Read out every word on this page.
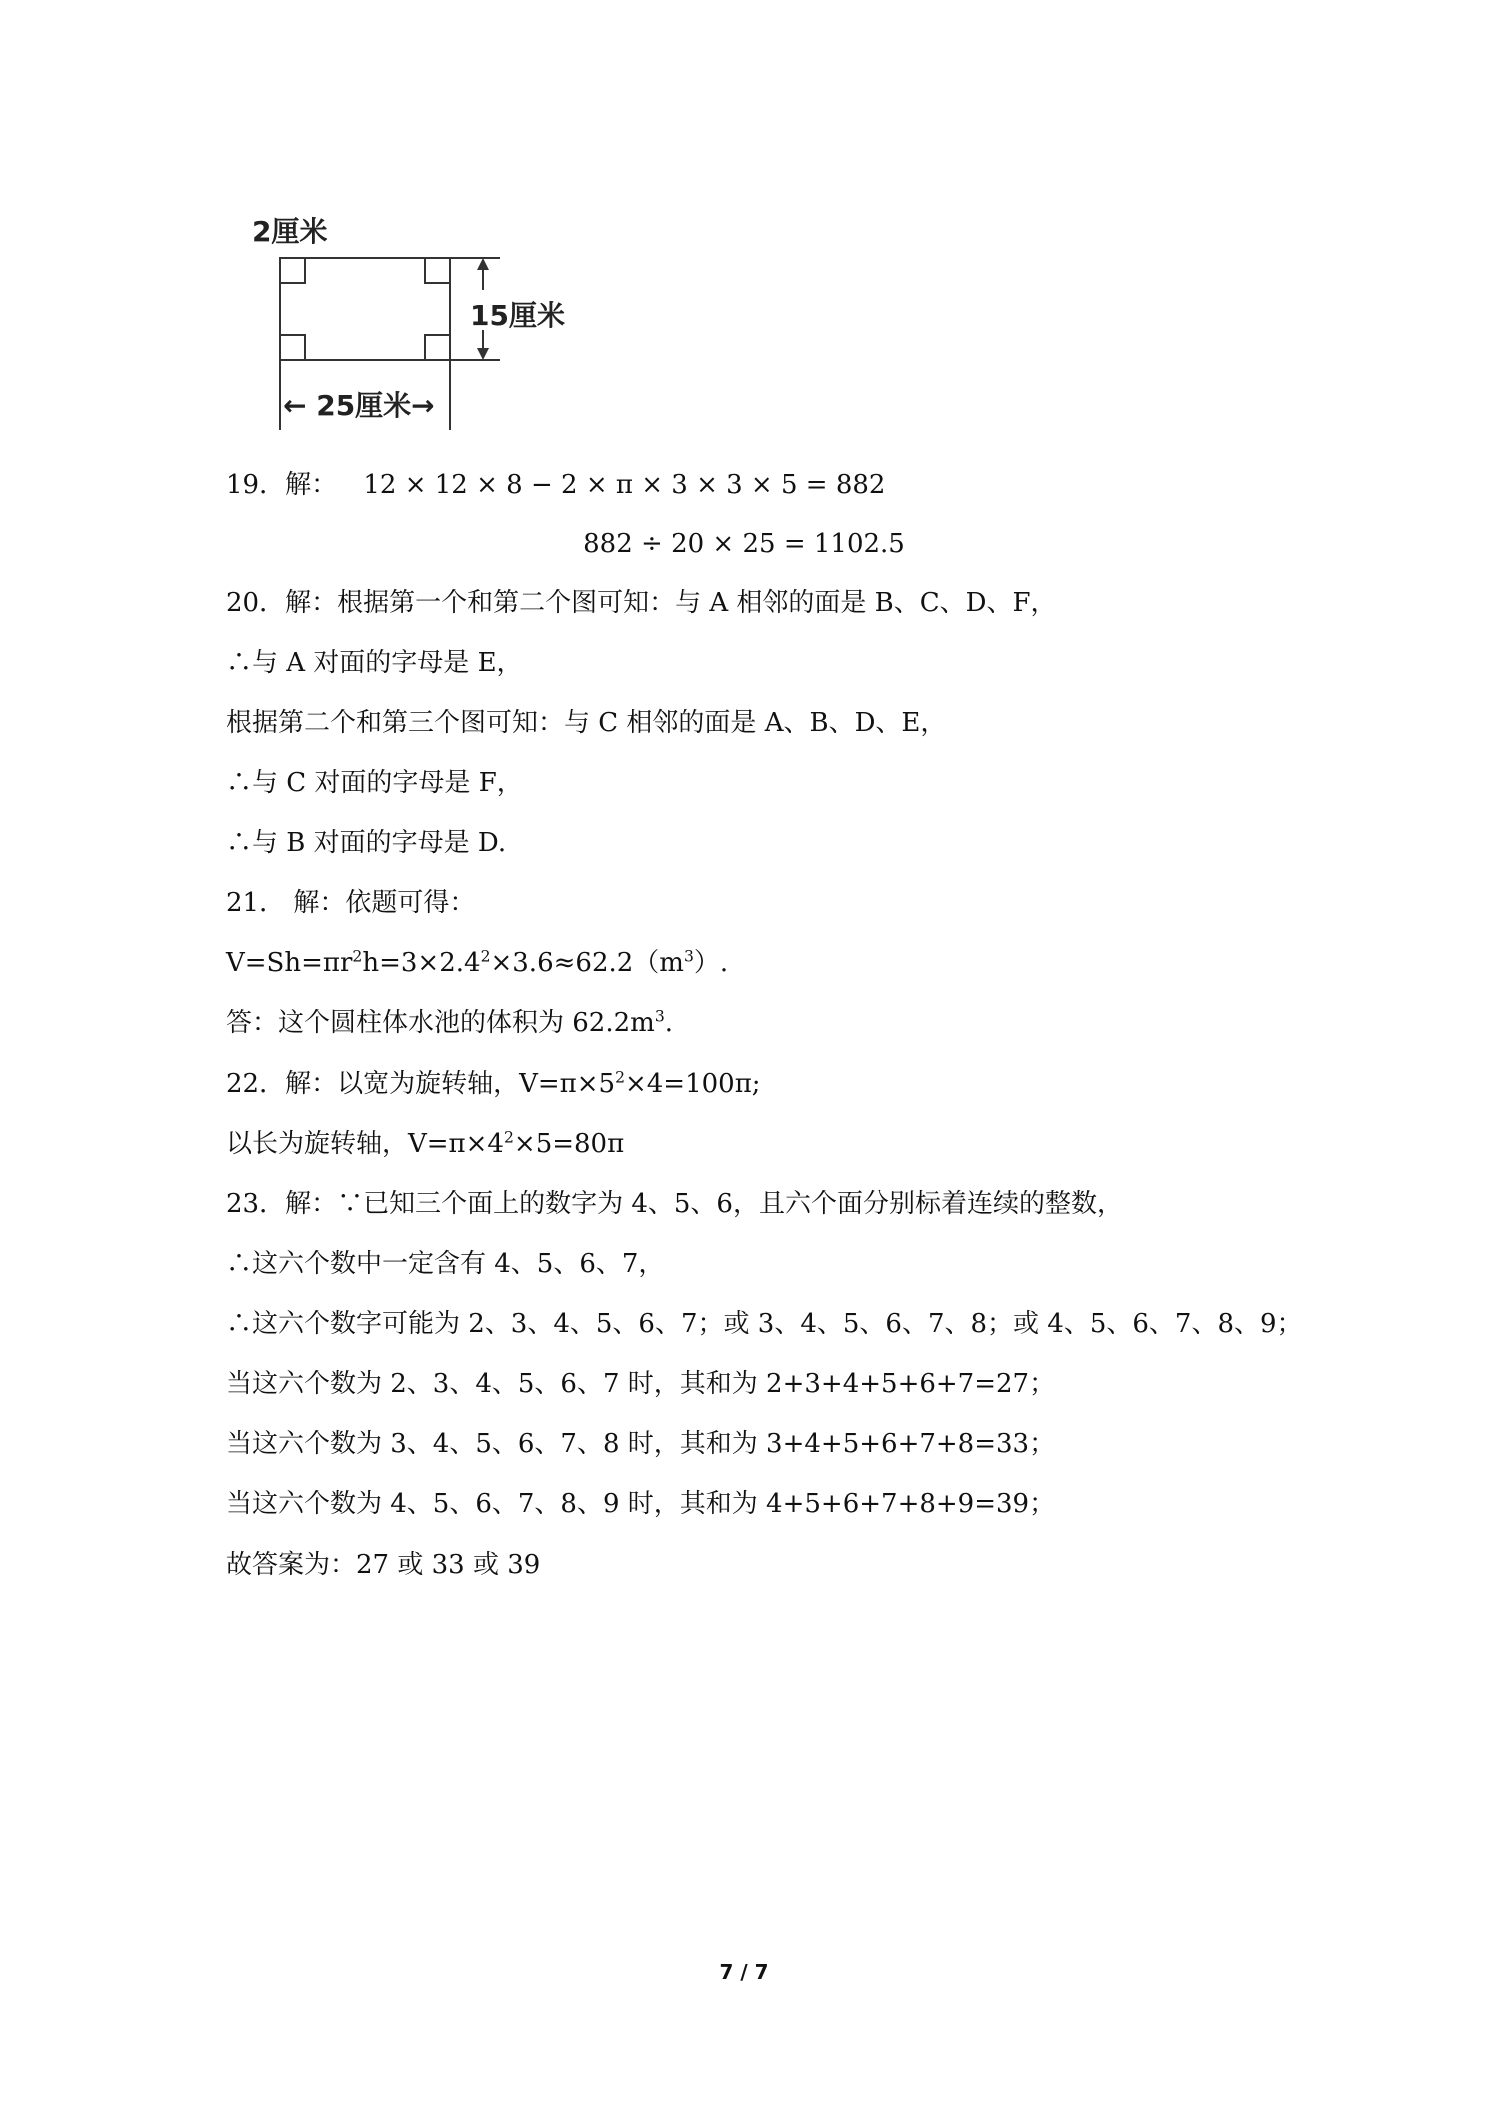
2厘米
15厘米
← 25厘米→
19．解： 12 × 12 × 8 − 2 × π × 3 × 3 × 5 = 882
882 ÷ 20 × 25 = 1102.5
20．解：根据第一个和第二个图可知：与 A 相邻的面是 B、C、D、F，
∴与 A 对面的字母是 E，
根据第二个和第三个图可知：与 C 相邻的面是 A、B、D、E，
∴与 C 对面的字母是 F，
∴与 B 对面的字母是 D.
21． 解：依题可得：
$V=Sh=\pi r^2h=3\times 2.4^2\times 3.6\approx 62.2(m^3)$.
答：这个圆柱体水池的体积为 $62.2m^3$.
22．解：以宽为旋转轴，$V=\pi\times 5^2\times 4=100\pi$;
以长为旋转轴，$V=\pi\times 4^2\times 5=80\pi$
23．解：∵已知三个面上的数字为 4、5、6，且六个面分别标着连续的整数，
∴这六个数中一定含有 4、5、6、7，
∴这六个数字可能为 2、3、4、5、6、7；或 3、4、5、6、7、8；或 4、5、6、7、8、9；
当这六个数为 2、3、4、5、6、7 时，其和为 2+3+4+5+6+7=27；
当这六个数为 3、4、5、6、7、8 时，其和为 3+4+5+6+7+8=33；
当这六个数为 4、5、6、7、8、9 时，其和为 4+5+6+7+8+9=39；
故答案为：27 或 33 或 39
7 / 7
